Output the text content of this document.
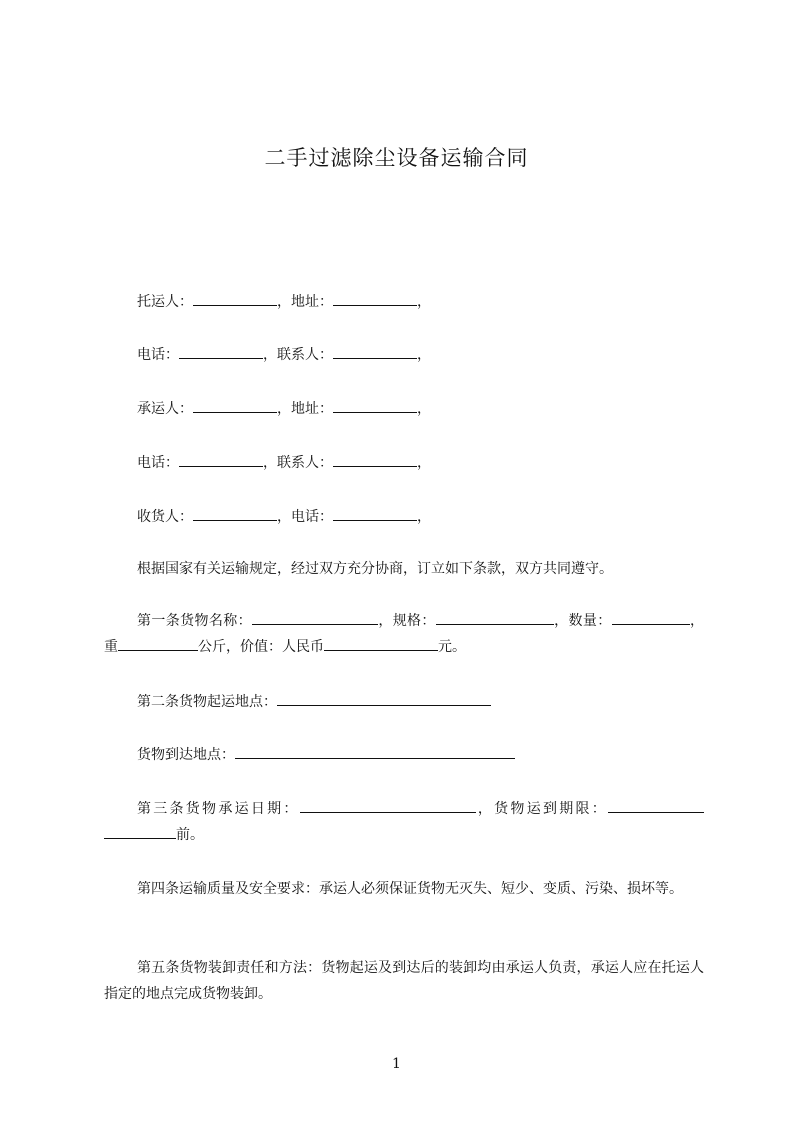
二手过滤除尘设备运输合同
托运人：	，地址：	，
电话：	，联系人：	，
承运人：	，地址：	，
电话：	，联系人：	，
收货人：	，电话：	，
根据国家有关运输规定，经过双方充分协商，订立如下条款，双方共同遵守。
第一条货物名称：	，规格：	，数量：	，重	公斤，价值：人民币	元。
第二条货物起运地点：
货物到达地点：
第三条货物承运日期：	，货物运到期限：前。
第四条运输质量及安全要求：承运人必须保证货物无灭失、短少、变质、污染、损坏等。
第五条货物装卸责任和方法：货物起运及到达后的装卸均由承运人负责，承运人应在托运人指定的地点完成货物装卸。
1
